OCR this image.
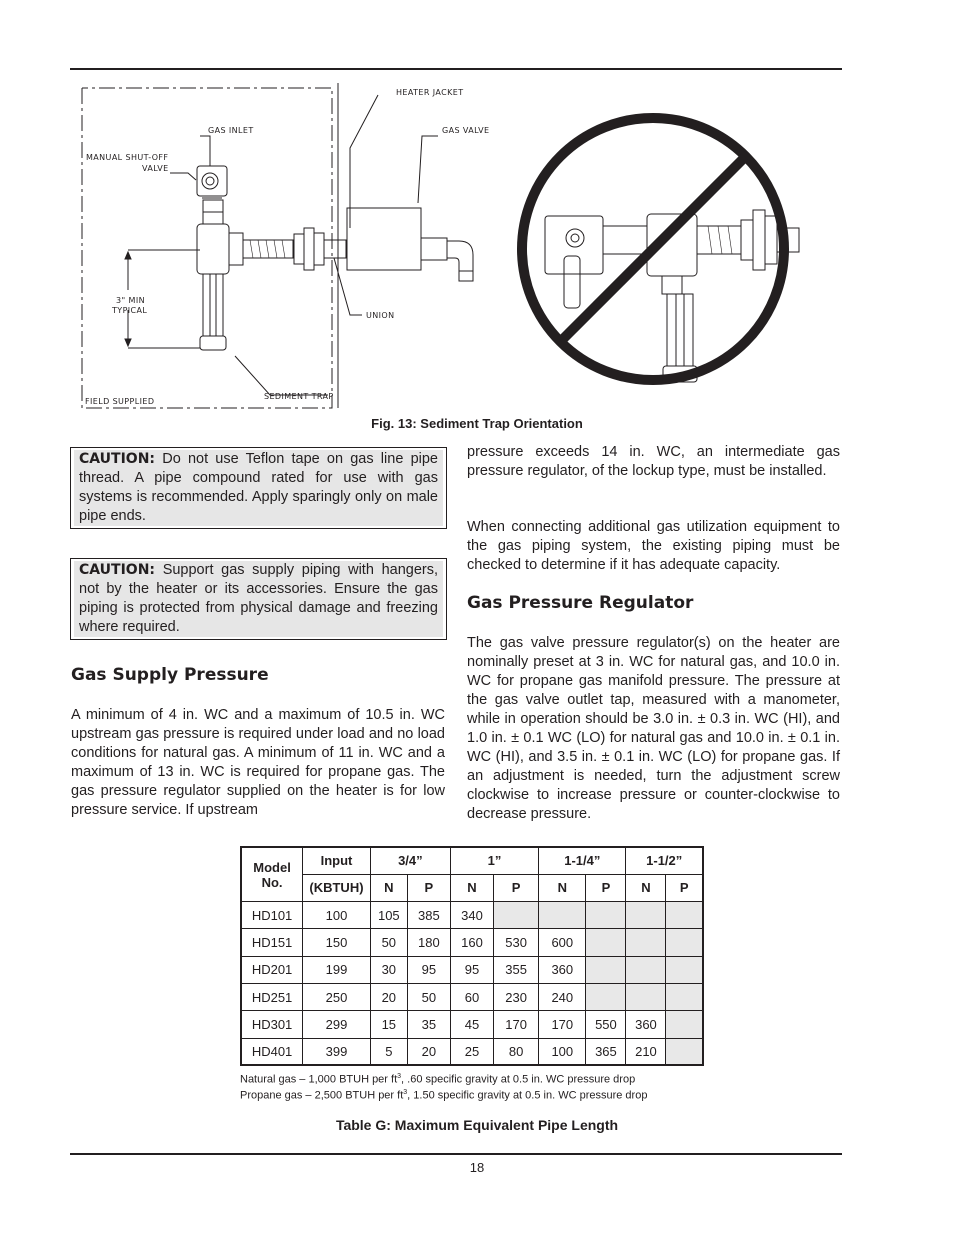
HEATER JACKET
GAS INLET	GAS VALVE
MANUAL SHUT-OFF
VALVE
3" MIN
TYPICAL
UNION
SEDIMENT TRAP
FIELD SUPPLIED
Fig. 13: Sediment Trap Orientation
CAUTION: Do not use Teflon tape on gas line pipe thread. A pipe compound rated for use with gas systems is recommended. Apply sparingly only on male pipe ends.
CAUTION: Support gas supply piping with hangers, not by the heater or its accessories. Ensure the gas piping is protected from physical damage and freezing where required.
Gas Supply Pressure
A minimum of 4 in. WC and a maximum of 10.5 in. WC upstream gas pressure is required under load and no load conditions for natural gas. A minimum of 11 in. WC and a maximum of 13 in. WC is required for propane gas. The gas pressure regulator supplied on the heater is for low pressure service. If upstream
pressure exceeds 14 in. WC, an intermediate gas pressure regulator, of the lockup type, must be installed.
When connecting additional gas utilization equipment to the gas piping system, the existing piping must be checked to determine if it has adequate capacity.
Gas Pressure Regulator
The gas valve pressure regulator(s) on the heater are nominally preset at 3 in. WC for natural gas, and 10.0 in. WC for propane gas manifold pressure. The pressure at the gas valve outlet tap, measured with a manometer, while in operation should be 3.0 in. ± 0.3 in. WC (HI), and 1.0 in. ± 0.1 WC (LO) for natural gas and 10.0 in. ± 0.1 in. WC (HI), and 3.5 in. ± 0.1 in. WC (LO) for propane gas. If an adjustment is needed, turn the adjustment screw clockwise to increase pressure or counter-clockwise to decrease pressure.
Model No.	Input	3/4”		1”		1-1/4”		1-1/2”	
	(KBTUH)	N	P	N	P	N	P	N	P
HD101	100	105	385	340					
HD151	150	50	180	160	530	600			
HD201	199	30	95	95	355	360			
HD251	250	20	50	60	230	240			
HD301	299	15	35	45	170	170	550	360	
HD401	399	5	20	25	80	100	365	210	
Natural gas – 1,000 BTUH per $ft^3$, .60 specific gravity at 0.5 in. WC pressure drop
Propane gas – 2,500 BTUH per $ft^3$, 1.50 specific gravity at 0.5 in. WC pressure drop
Table G: Maximum Equivalent Pipe Length
18
